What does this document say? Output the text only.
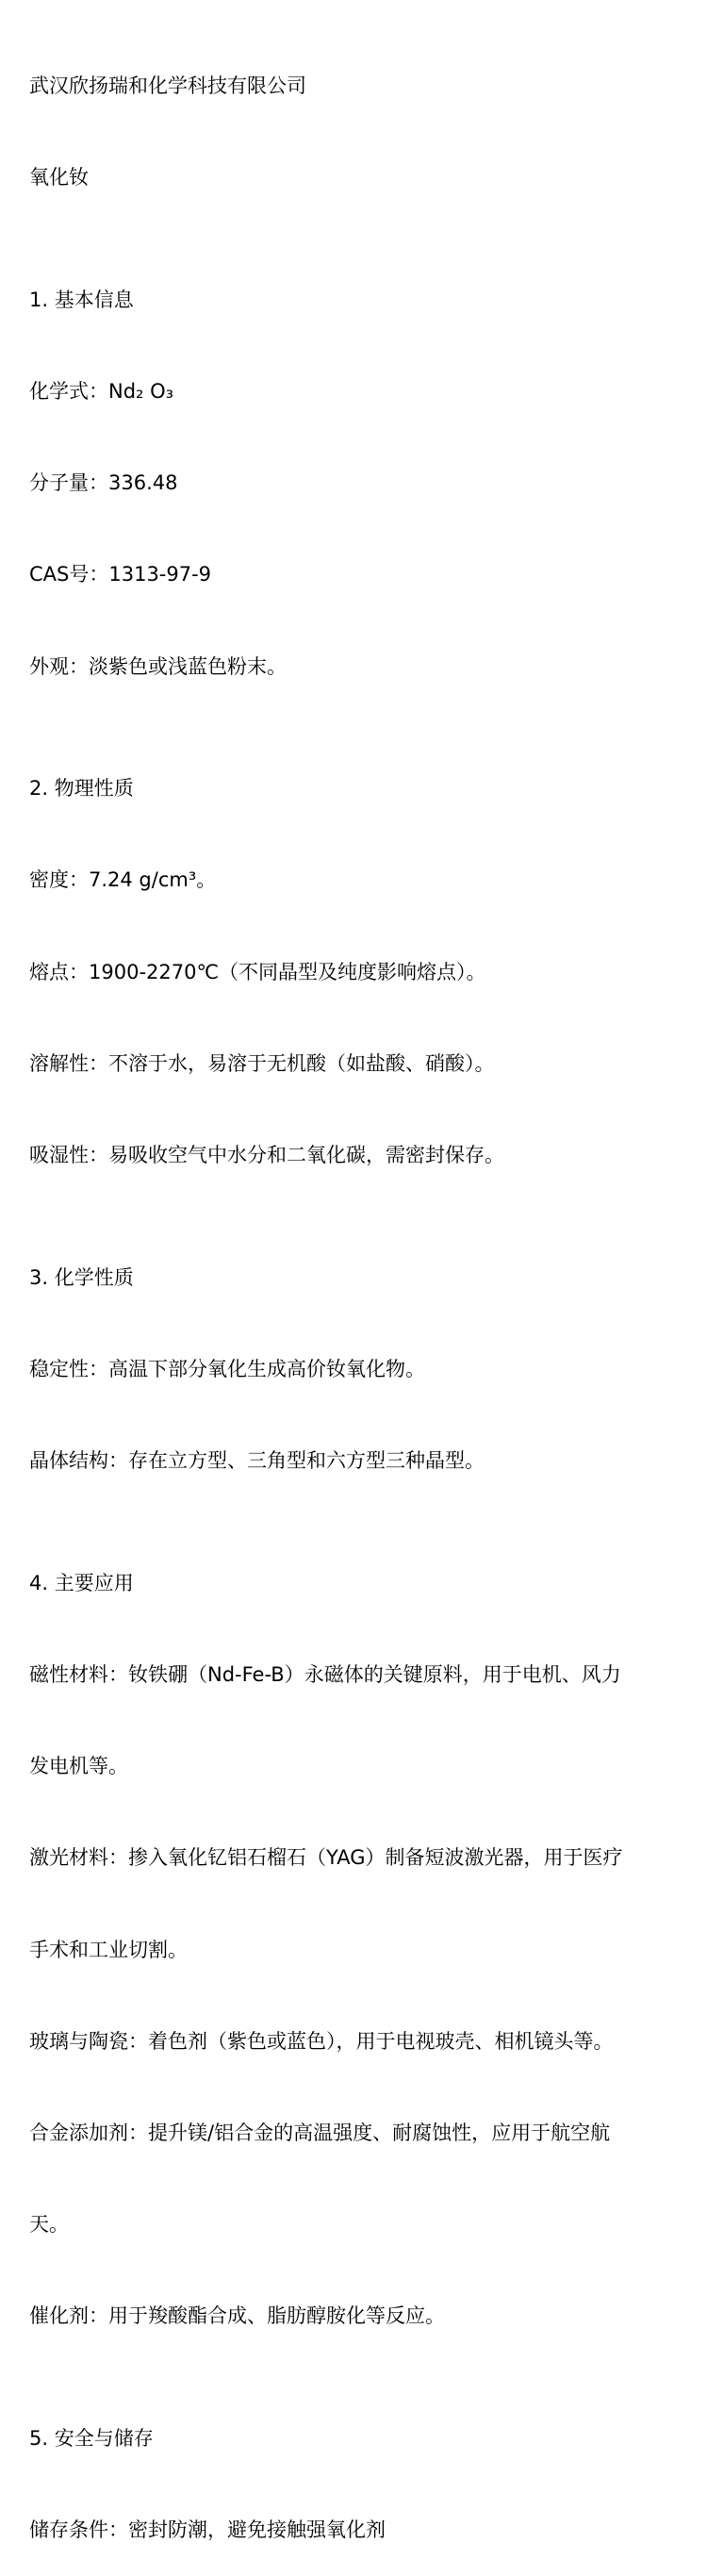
武汉欣扬瑞和化学科技有限公司

氧化钕

1. 基本信息

化学式：Nd₂ O₃

分子量：336.48

CAS号：1313-97-9

外观：淡紫色或浅蓝色粉末。

2. 物理性质

密度：7.24 g/cm³。

熔点：1900-2270℃（不同晶型及纯度影响熔点）。

溶解性：不溶于水，易溶于无机酸（如盐酸、硝酸）。

吸湿性：易吸收空气中水分和二氧化碳，需密封保存。

3. 化学性质

稳定性：高温下部分氧化生成高价钕氧化物。

晶体结构：存在立方型、三角型和六方型三种晶型。

4. 主要应用

磁性材料：钕铁硼（Nd-Fe-B）永磁体的关键原料，用于电机、风力

发电机等。

激光材料：掺入氧化钇铝石榴石（YAG）制备短波激光器，用于医疗

手术和工业切割。

玻璃与陶瓷：着色剂（紫色或蓝色），用于电视玻壳、相机镜头等。

合金添加剂：提升镁/铝合金的高温强度、耐腐蚀性，应用于航空航

天。

催化剂：用于羧酸酯合成、脂肪醇胺化等反应。

5. 安全与储存

储存条件：密封防潮，避免接触强氧化剂
